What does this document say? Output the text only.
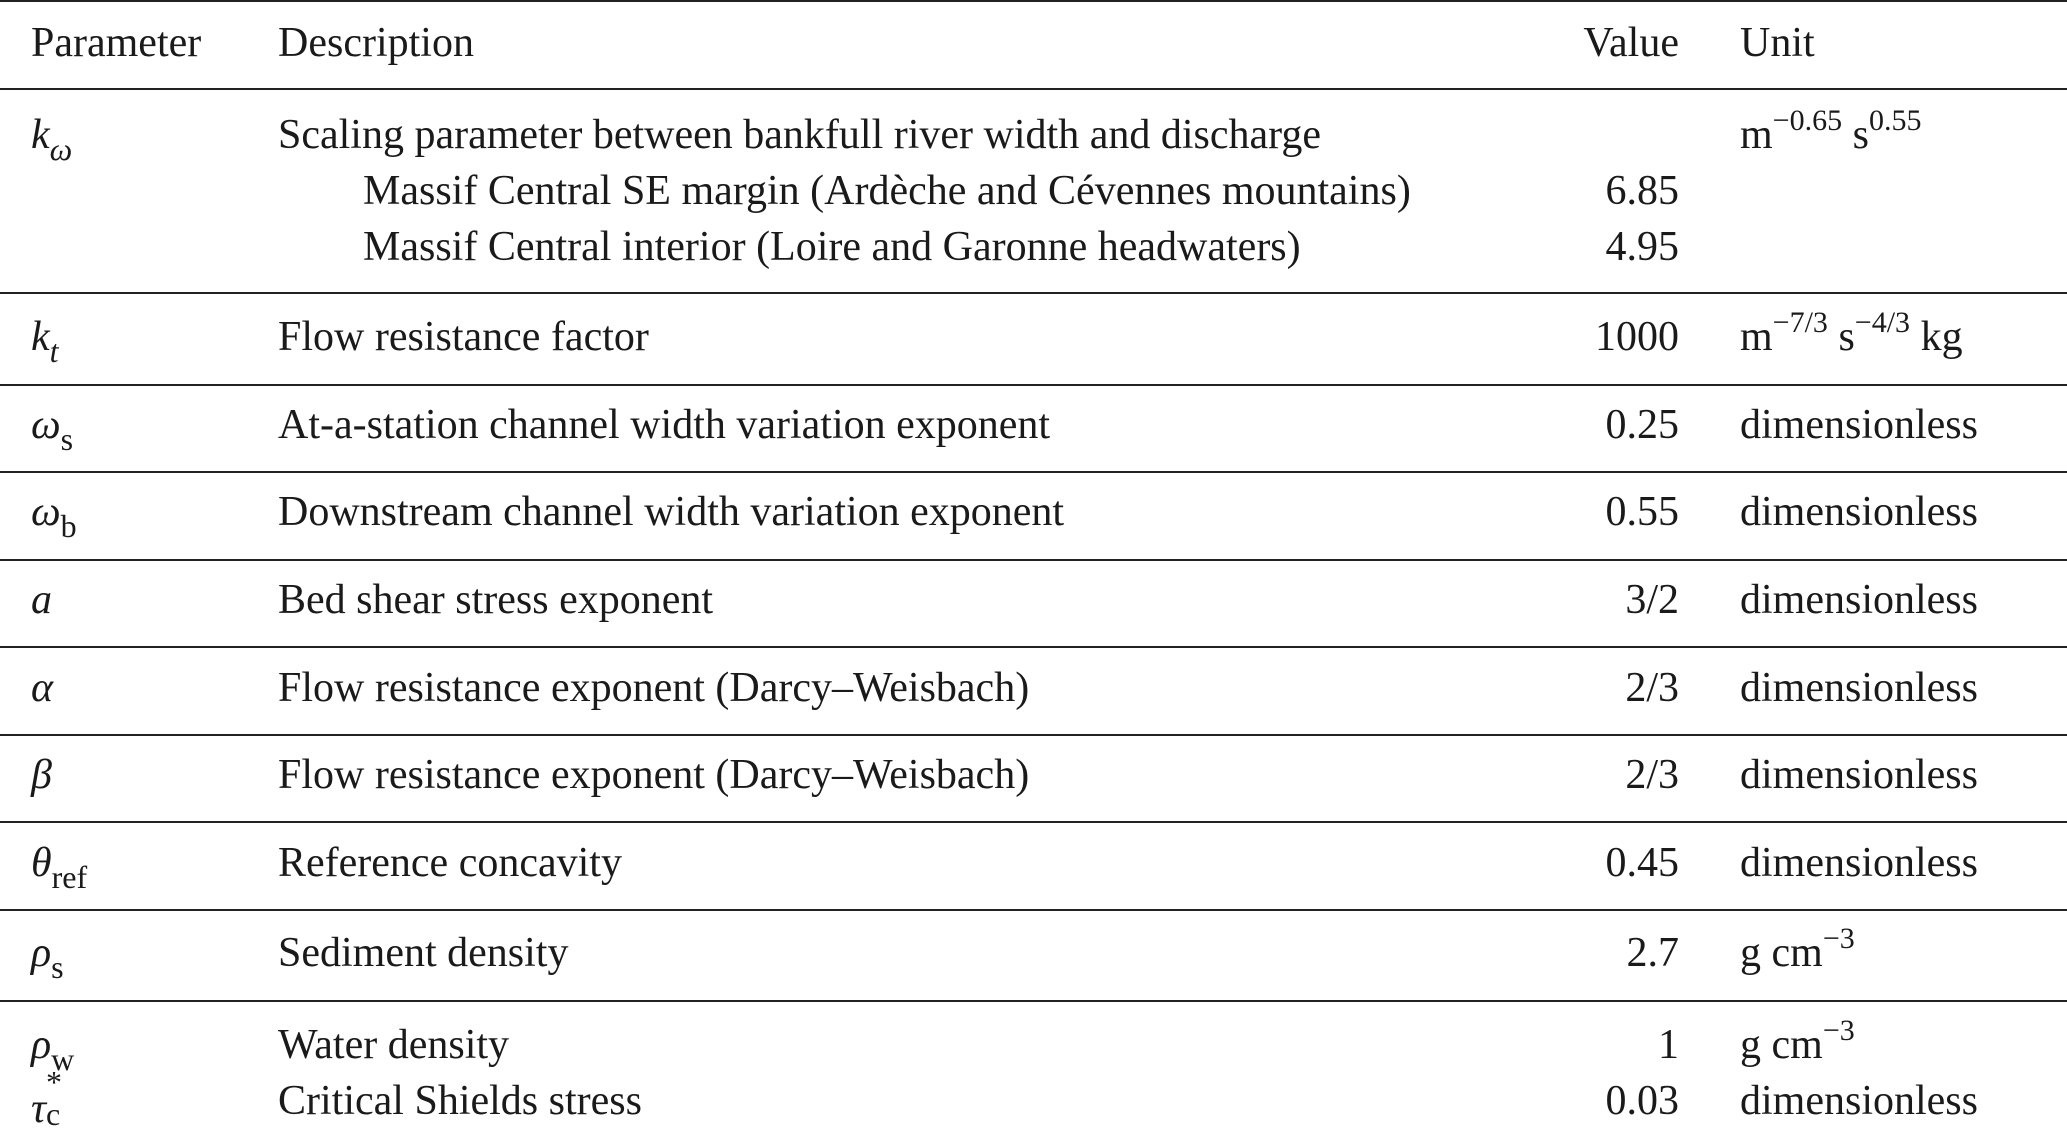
Parameter Description	Value Unit
$k_\omega$	Scaling parameter between bankfull river width and discharge	$m^{-0.65}$ $s^{0.55}$
Massif Central SE margin (Ardèche and Cévennes mountains)	6.85
Massif Central interior (Loire and Garonne headwaters)	4.95
$k_t$	Flow resistance factor	1000 $m^{-7/3}$ $s^{-4/3}$ kg
$\omega_s$	At-a-station channel width variation exponent	0.25 dimensionless
$\omega_b$	Downstream channel width variation exponent	0.55 dimensionless
a	Bed shear stress exponent	3/2 dimensionless
α	Flow resistance exponent (Darcy–Weisbach)	2/3 dimensionless
β	Flow resistance exponent (Darcy–Weisbach)	2/3 dimensionless
$\theta_{ref}$	Reference concavity	0.45 dimensionless
$\rho_s$	Sediment density	2.7 g $cm^{-3}$
$\rho_w$	Water density	1 g $cm^{-3}$
τ
*
c	Critical Shields stress	0.03 dimensionless
